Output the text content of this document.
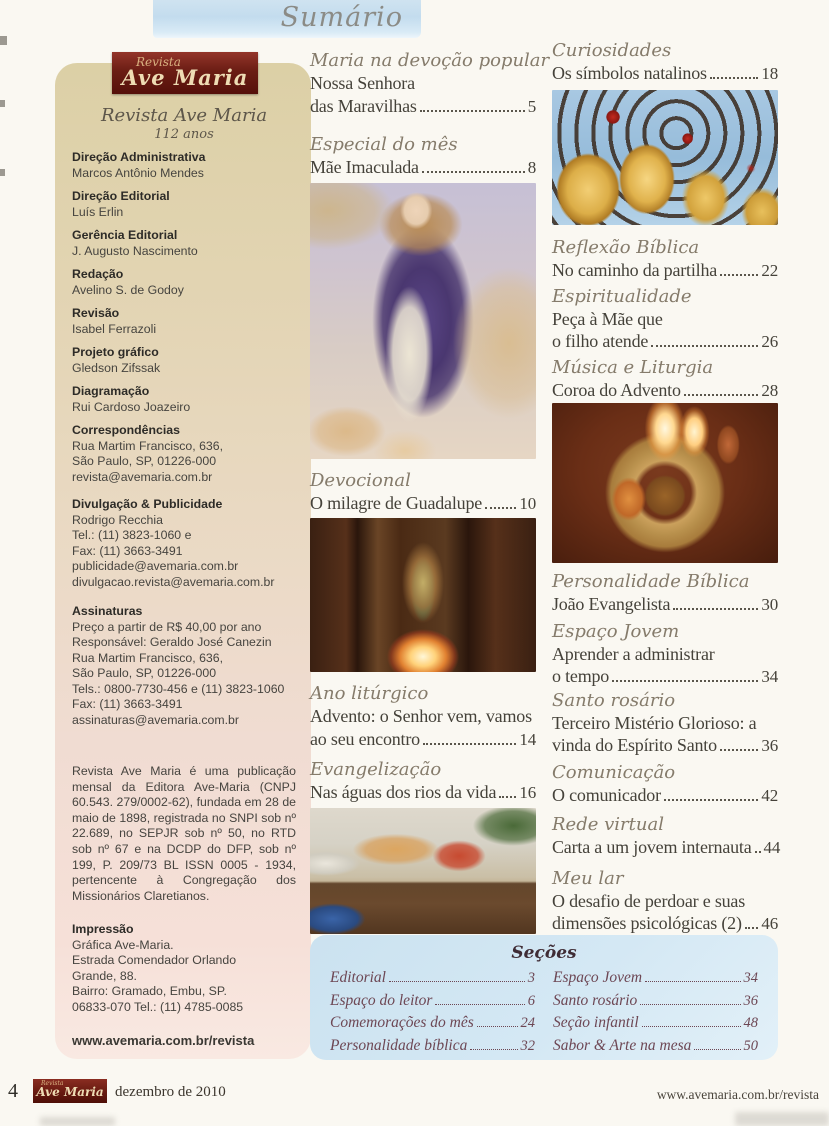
Sumário
Revista
Ave Maria
Revista Ave Maria
112 anos
Direção Administrativa
Marcos Antônio Mendes
Direção Editorial
Luís Erlin
Gerência Editorial
J. Augusto Nascimento
Redação
Avelino S. de Godoy
Revisão
Isabel Ferrazoli
Projeto gráfico
Gledson Zifssak
Diagramação
Rui Cardoso Joazeiro
Correspondências
Rua Martim Francisco, 636,
São Paulo, SP, 01226-000
revista@avemaria.com.br
Divulgação & Publicidade
Rodrigo Recchia
Tel.: (11) 3823-1060 e
Fax: (11) 3663-3491
publicidade@avemaria.com.br
divulgacao.revista@avemaria.com.br
Assinaturas
Preço a partir de R$ 40,00 por ano
Responsável: Geraldo José Canezin
Rua Martim Francisco, 636,
São Paulo, SP, 01226-000
Tels.: 0800-7730-456 e (11) 3823-1060
Fax: (11) 3663-3491
assinaturas@avemaria.com.br

Revista Ave Maria é uma publicação mensal da Editora Ave-Maria (CNPJ 60.543. 279/0002-62), fundada em 28 de maio de 1898, registrada no SNPI sob nº 22.689, no SEPJR sob nº 50, no RTD sob nº 67 e na DCDP do DFP, sob nº 199, P. 209/73 BL ISSN 0005 - 1934, pertencente à Congregação dos Missionários Claretianos.

Impressão
Gráfica Ave-Maria.
Estrada Comendador Orlando
Grande, 88.
Bairro: Gramado, Embu, SP.
06833-070 Tel.: (11) 4785-0085
www.avemaria.com.br/revista
Maria na devoção popular
Nossa Senhora
das Maravilhas	5
Especial do mês
Mãe Imaculada	8
Devocional
O milagre de Guadalupe 10
Ano litúrgico
Advento: o Senhor vem, vamos
ao seu encontro	14
Evangelização
Nas águas dos rios da vida 16
Curiosidades
Os símbolos natalinos	18
Reflexão Bíblica
No caminho da partilha	22
Espiritualidade
Peça à Mãe que
o filho atende	26
Música e Liturgia
Coroa do Advento	28
Personalidade Bíblica
João Evangelista	30
Espaço Jovem
Aprender a administrar
o tempo	34
Santo rosário
Terceiro Mistério Glorioso: a
vinda do Espírito Santo	36
Comunicação
O comunicador	42
Rede virtual
Carta a um jovem internauta 44
Meu lar
O desafio de perdoar e suas
dimensões psicológicas (2) 46
Seções
Editorial	3
Espaço do leitor	6
Comemorações do mês	24
Personalidade bíblica	32
Espaço Jovem	34
Santo rosário	36
Seção infantil	48
Sabor & Arte na mesa	50
4	Revista
Ave Maria dezembro de 2010	www.avemaria.com.br/revista
